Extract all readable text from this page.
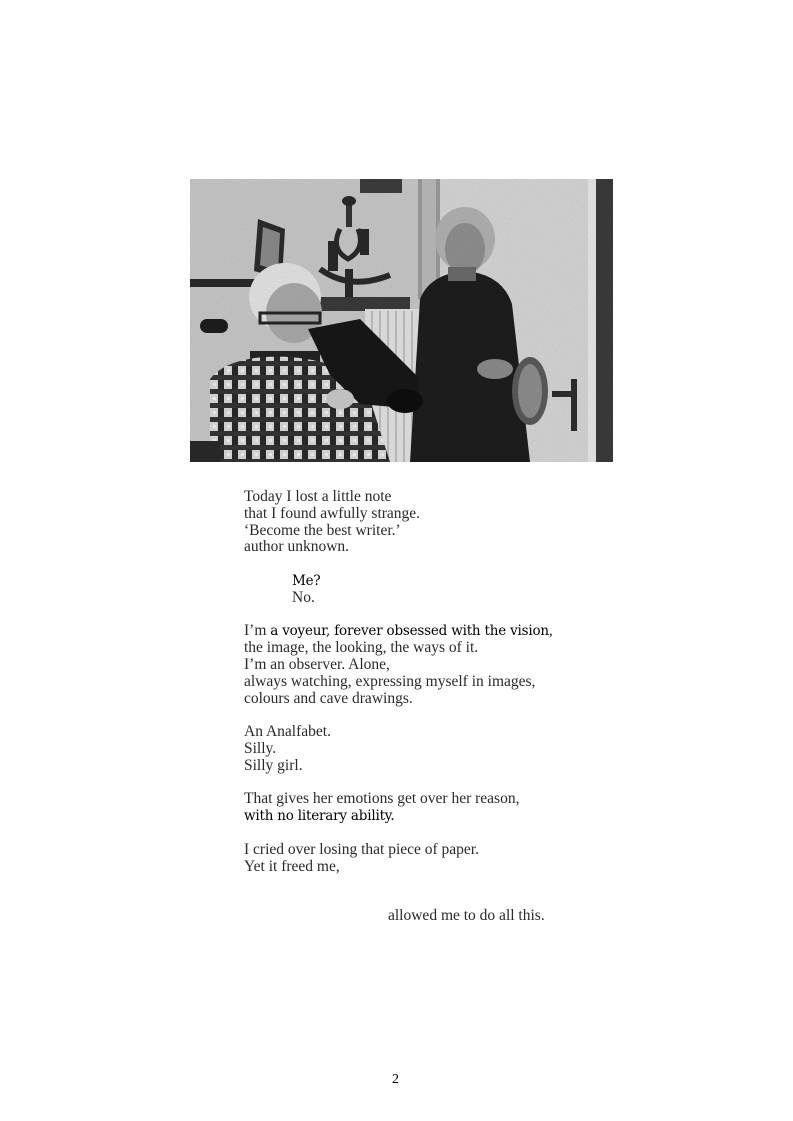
Today I lost a little note
that I found awfully strange.
‘Become the best writer.’
author unknown.
Me?
No.
I’m a voyeur, forever obsessed with the vision,
the image, the looking, the ways of it.
I’m an observer. Alone,
always watching, expressing myself in images,
colours and cave drawings.
An Analfabet.
Silly.
Silly girl.
That gives her emotions get over her reason,
with no literary ability.
I cried over losing that piece of paper.
Yet it freed me,
allowed me to do all this.
2
